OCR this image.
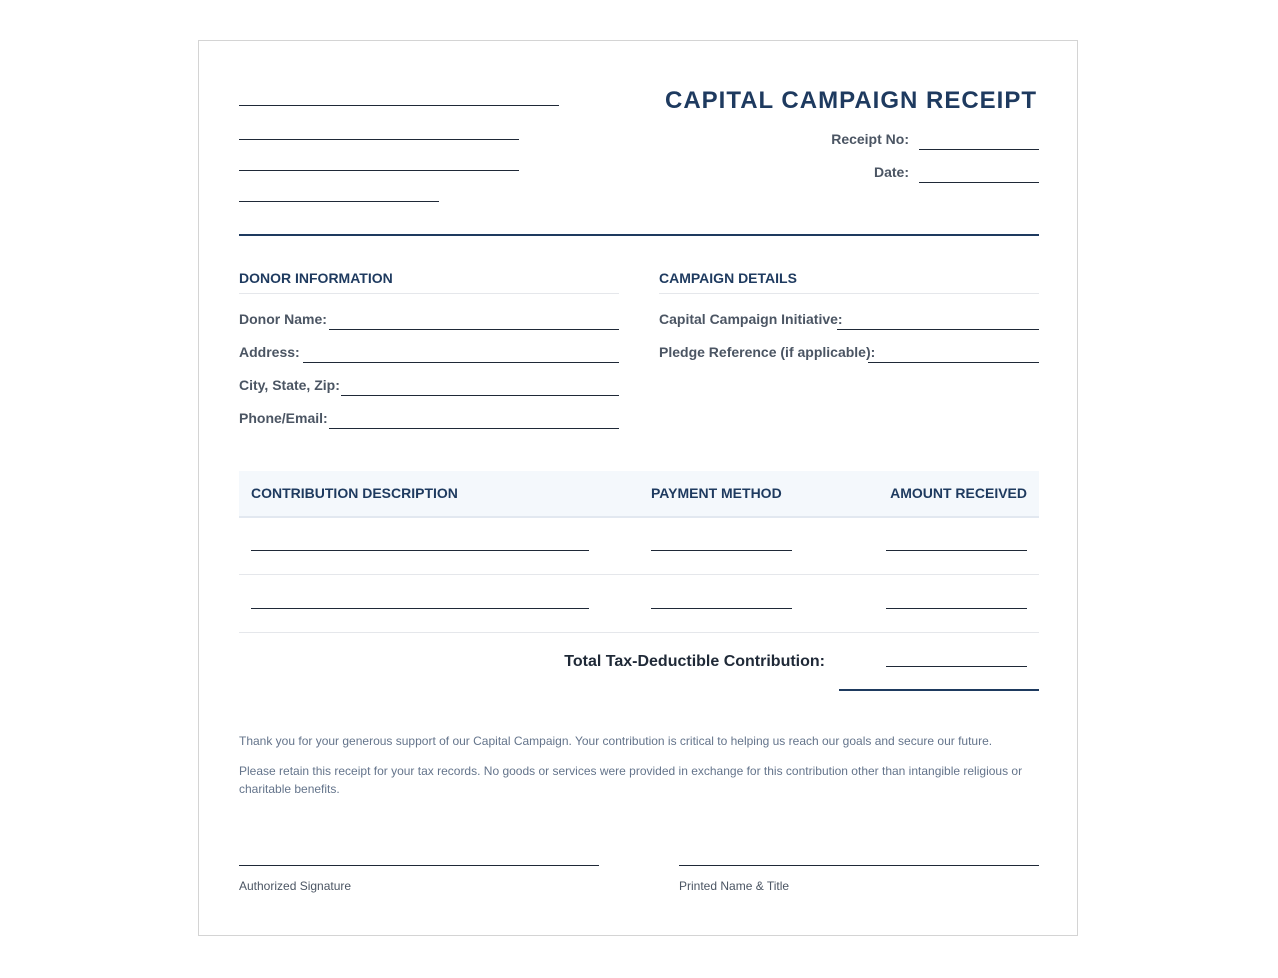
CAPITAL CAMPAIGN RECEIPT
Receipt No:
Date:
DONOR INFORMATION
Donor Name:
Address:
City, State, Zip:
Phone/Email:
CAMPAIGN DETAILS
Capital Campaign Initiative:
Pledge Reference (if applicable):
CONTRIBUTION DESCRIPTION	PAYMENT METHOD	AMOUNT RECEIVED
Total Tax-Deductible Contribution:
Thank you for your generous support of our Capital Campaign. Your contribution is critical to helping us reach our goals and secure our future.
Please retain this receipt for your tax records. No goods or services were provided in exchange for this contribution other than intangible religious or charitable benefits.
Authorized Signature	Printed Name & Title
